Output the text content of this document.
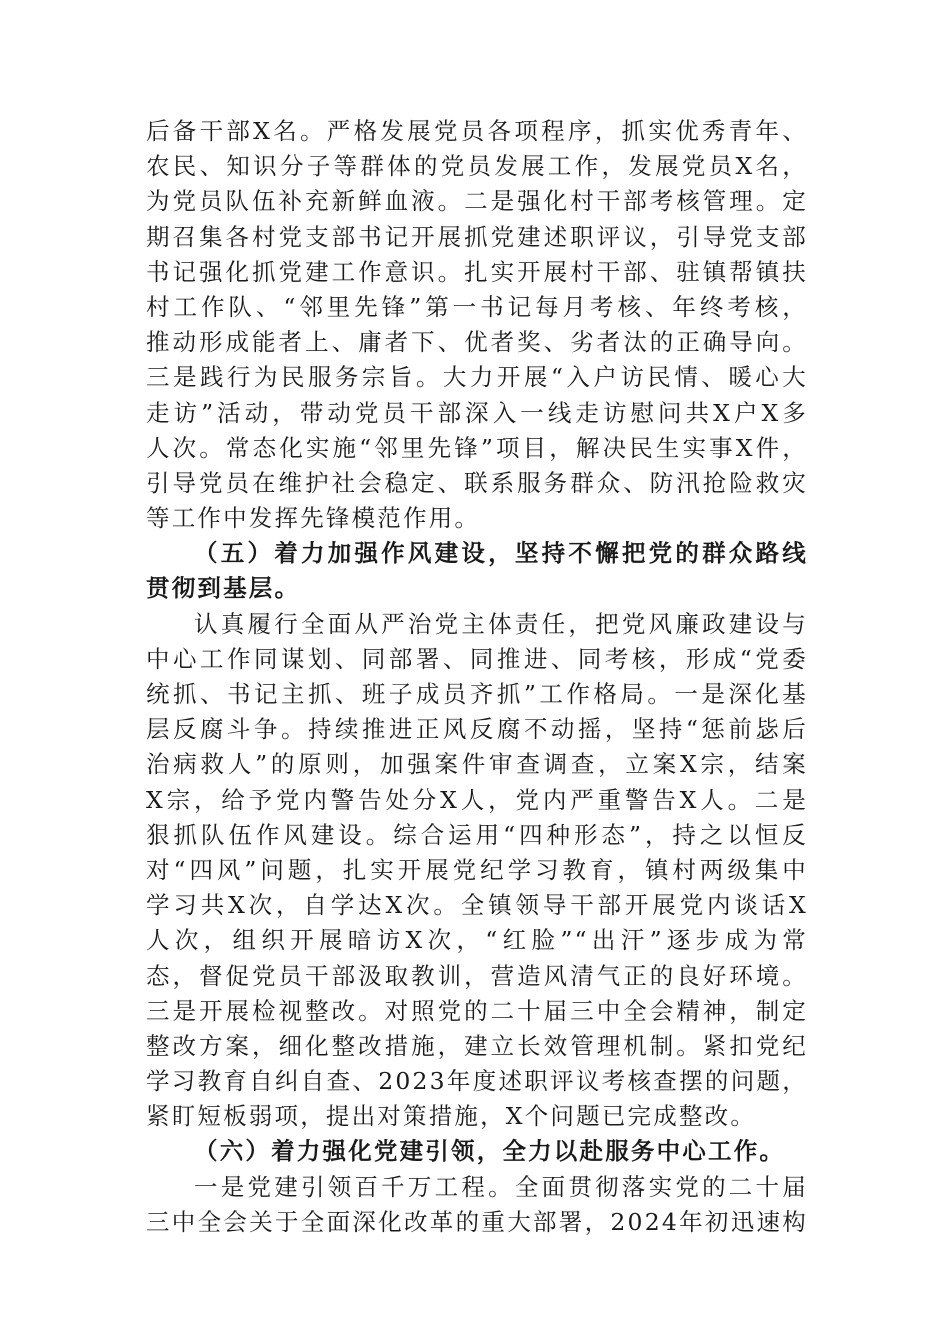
后备干部X名。严格发展党员各项程序，抓实优秀青年、
农民、知识分子等群体的党员发展工作，发展党员X名，
为党员队伍补充新鲜血液。二是强化村干部考核管理。定
期召集各村党支部书记开展抓党建述职评议，引导党支部
书记强化抓党建工作意识。扎实开展村干部、驻镇帮镇扶
村工作队、“邻里先锋”第一书记每月考核、年终考核，
推动形成能者上、庸者下、优者奖、劣者汰的正确导向。
三是践行为民服务宗旨。大力开展“入户访民情、暖心大
走访”活动，带动党员干部深入一线走访慰问共X户X多
人次。常态化实施“邻里先锋”项目，解决民生实事X件，
引导党员在维护社会稳定、联系服务群众、防汛抢险救灾
等工作中发挥先锋模范作用。
（五）着力加强作风建设，坚持不懈把党的群众路线
贯彻到基层。
认真履行全面从严治党主体责任，把党风廉政建设与
中心工作同谋划、同部署、同推进、同考核，形成“党委
统抓、书记主抓、班子成员齐抓”工作格局。一是深化基
层反腐斗争。持续推进正风反腐不动摇，坚持“惩前毖后
治病救人”的原则，加强案件审查调查，立案X宗，结案
X宗，给予党内警告处分X人，党内严重警告X人。二是
狠抓队伍作风建设。综合运用“四种形态”，持之以恒反
对“四风”问题，扎实开展党纪学习教育，镇村两级集中
学习共X次，自学达X次。全镇领导干部开展党内谈话X
人次，组织开展暗访X次，“红脸”“出汗”逐步成为常
态，督促党员干部汲取教训，营造风清气正的良好环境。
三是开展检视整改。对照党的二十届三中全会精神，制定
整改方案，细化整改措施，建立长效管理机制。紧扣党纪
学习教育自纠自查、2023年度述职评议考核查摆的问题，
紧盯短板弱项，提出对策措施，X个问题已完成整改。
（六）着力强化党建引领，全力以赴服务中心工作。
一是党建引领百千万工程。全面贯彻落实党的二十届
三中全会关于全面深化改革的重大部署，2024年初迅速构
